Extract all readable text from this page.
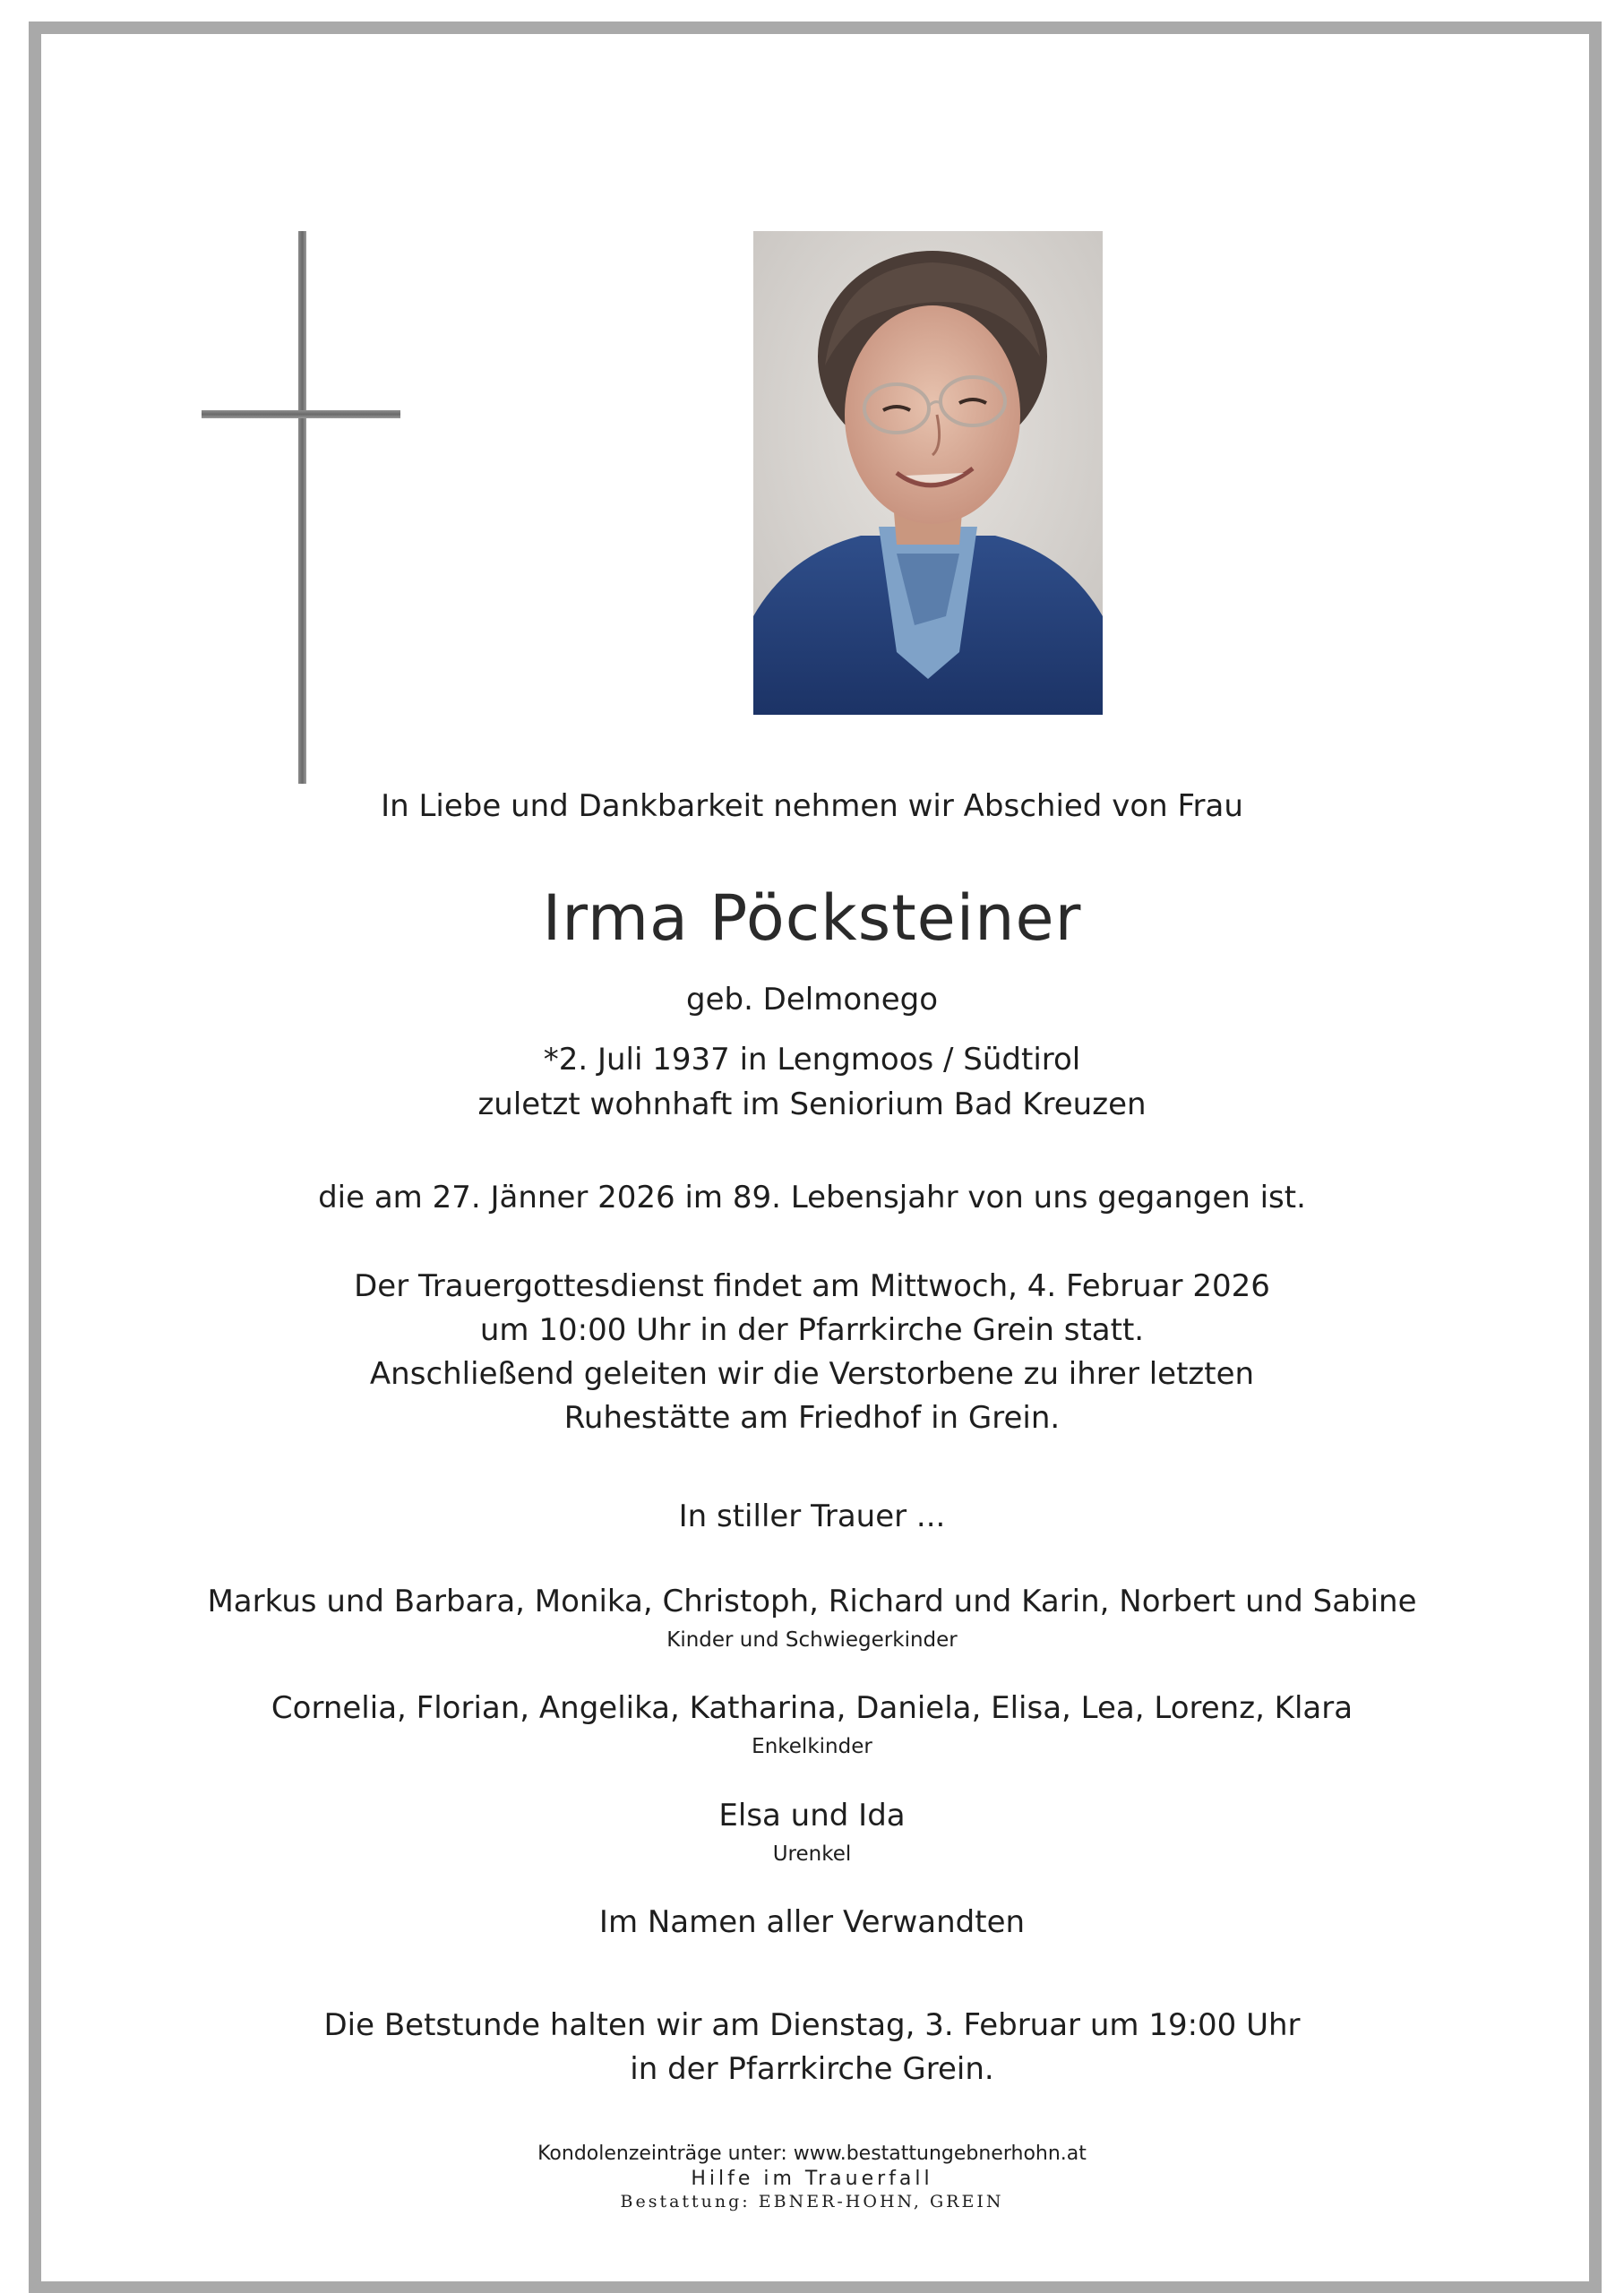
In Liebe und Dankbarkeit nehmen wir Abschied von Frau
Irma Pöcksteiner
geb. Delmonego
*2. Juli 1937 in Lengmoos / Südtirol
zuletzt wohnhaft im Seniorium Bad Kreuzen
die am 27. Jänner 2026 im 89. Lebensjahr von uns gegangen ist.
Der Trauergottesdienst findet am Mittwoch, 4. Februar 2026
um 10:00 Uhr in der Pfarrkirche Grein statt.
Anschließend geleiten wir die Verstorbene zu ihrer letzten
Ruhestätte am Friedhof in Grein.
In stiller Trauer ...
Markus und Barbara, Monika, Christoph, Richard und Karin, Norbert und Sabine
Kinder und Schwiegerkinder
Cornelia, Florian, Angelika, Katharina, Daniela, Elisa, Lea, Lorenz, Klara
Enkelkinder
Elsa und Ida
Urenkel
Im Namen aller Verwandten
Die Betstunde halten wir am Dienstag, 3. Februar um 19:00 Uhr
in der Pfarrkirche Grein.
Kondolenzeinträge unter: www.bestattungebnerhohn.at
Hilfe im Trauerfall
Bestattung: EBNER-HOHN, GREIN
